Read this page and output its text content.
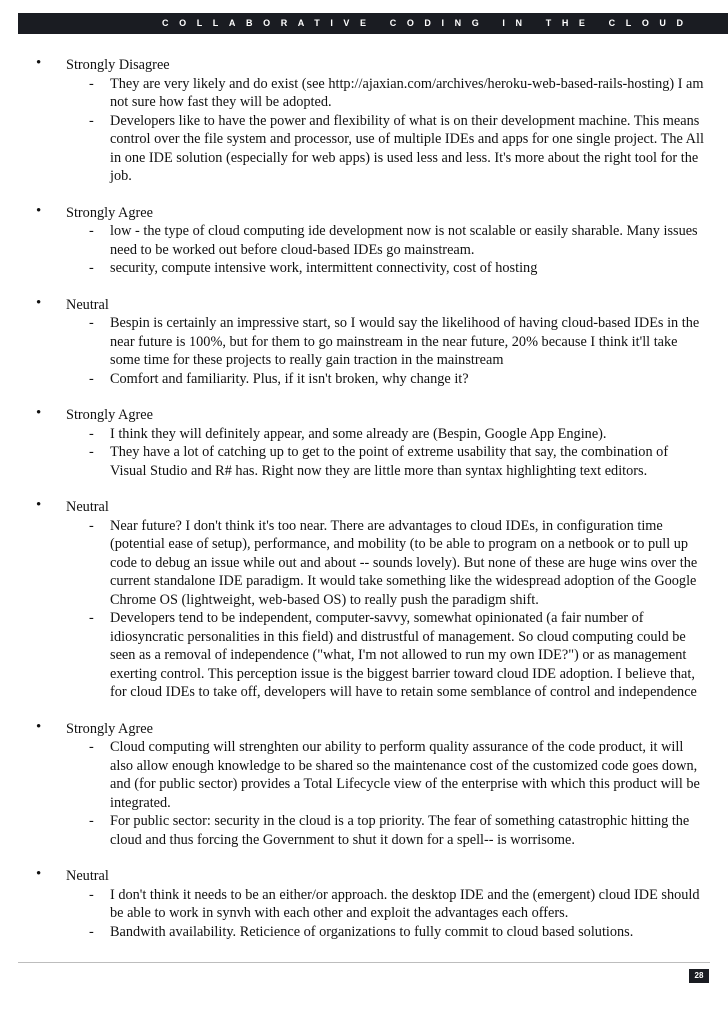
COLLABORATIVE CODING IN THE CLOUD
•	Strongly Disagree
- They are very likely and do exist (see http://ajaxian.com/archives/heroku-web-based-rails-hosting) I am not sure how fast they will be adopted.
- Developers like to have the power and flexibility of what is on their development machine. This means control over the file system and processor, use of multiple IDEs and apps for one single project. The All in one IDE solution (especially for web apps) is used less and less. It's more about the right tool for the job.
•	Strongly Agree
- low - the type of cloud computing ide development now is not scalable or easily sharable. Many issues need to be worked out before cloud-based IDEs go mainstream.
- security, compute intensive work, intermittent connectivity, cost of hosting
•	Neutral
- Bespin is certainly an impressive start, so I would say the likelihood of having cloud-based IDEs in the near future is 100%, but for them to go mainstream in the near future, 20% because I think it'll take some time for these projects to really gain traction in the mainstream
- Comfort and familiarity. Plus, if it isn't broken, why change it?
•	Strongly Agree
- I think they will definitely appear, and some already are (Bespin, Google App Engine).
- They have a lot of catching up to get to the point of extreme usability that say, the combination of Visual Studio and R# has. Right now they are little more than syntax highlighting text editors.
•	Neutral
- Near future? I don't think it's too near. There are advantages to cloud IDEs, in configuration time (potential ease of setup), performance, and mobility (to be able to program on a netbook or to pull up code to debug an issue while out and about -- sounds lovely). But none of these are huge wins over the current standalone IDE paradigm. It would take something like the widespread adoption of the Google Chrome OS (lightweight, web-based OS) to really push the paradigm shift.
- Developers tend to be independent, computer-savvy, somewhat opinionated (a fair number of idiosyncratic personalities in this field) and distrustful of management. So cloud computing could be seen as a removal of independence ("what, I'm not allowed to run my own IDE?") or as management exerting control. This perception issue is the biggest barrier toward cloud IDE adoption. I believe that, for cloud IDEs to take off, developers will have to retain some semblance of control and independence
•	Strongly Agree
- Cloud computing will strenghten our ability to perform quality assurance of the code product, it will also allow enough knowledge to be shared so the maintenance cost of the customized code goes down, and (for public sector) provides a Total Lifecycle view of the enterprise with which this product will be integrated.
- For public sector: security in the cloud is a top priority. The fear of something catastrophic hitting the cloud and thus forcing the Government to shut it down for a spell-- is worrisome.
•	Neutral
- I don't think it needs to be an either/or approach. the desktop IDE and the (emergent) cloud IDE should be able to work in synvh with each other and exploit the advantages each offers.
- Bandwith availability. Reticience of organizations to fully commit to cloud based solutions.
28
